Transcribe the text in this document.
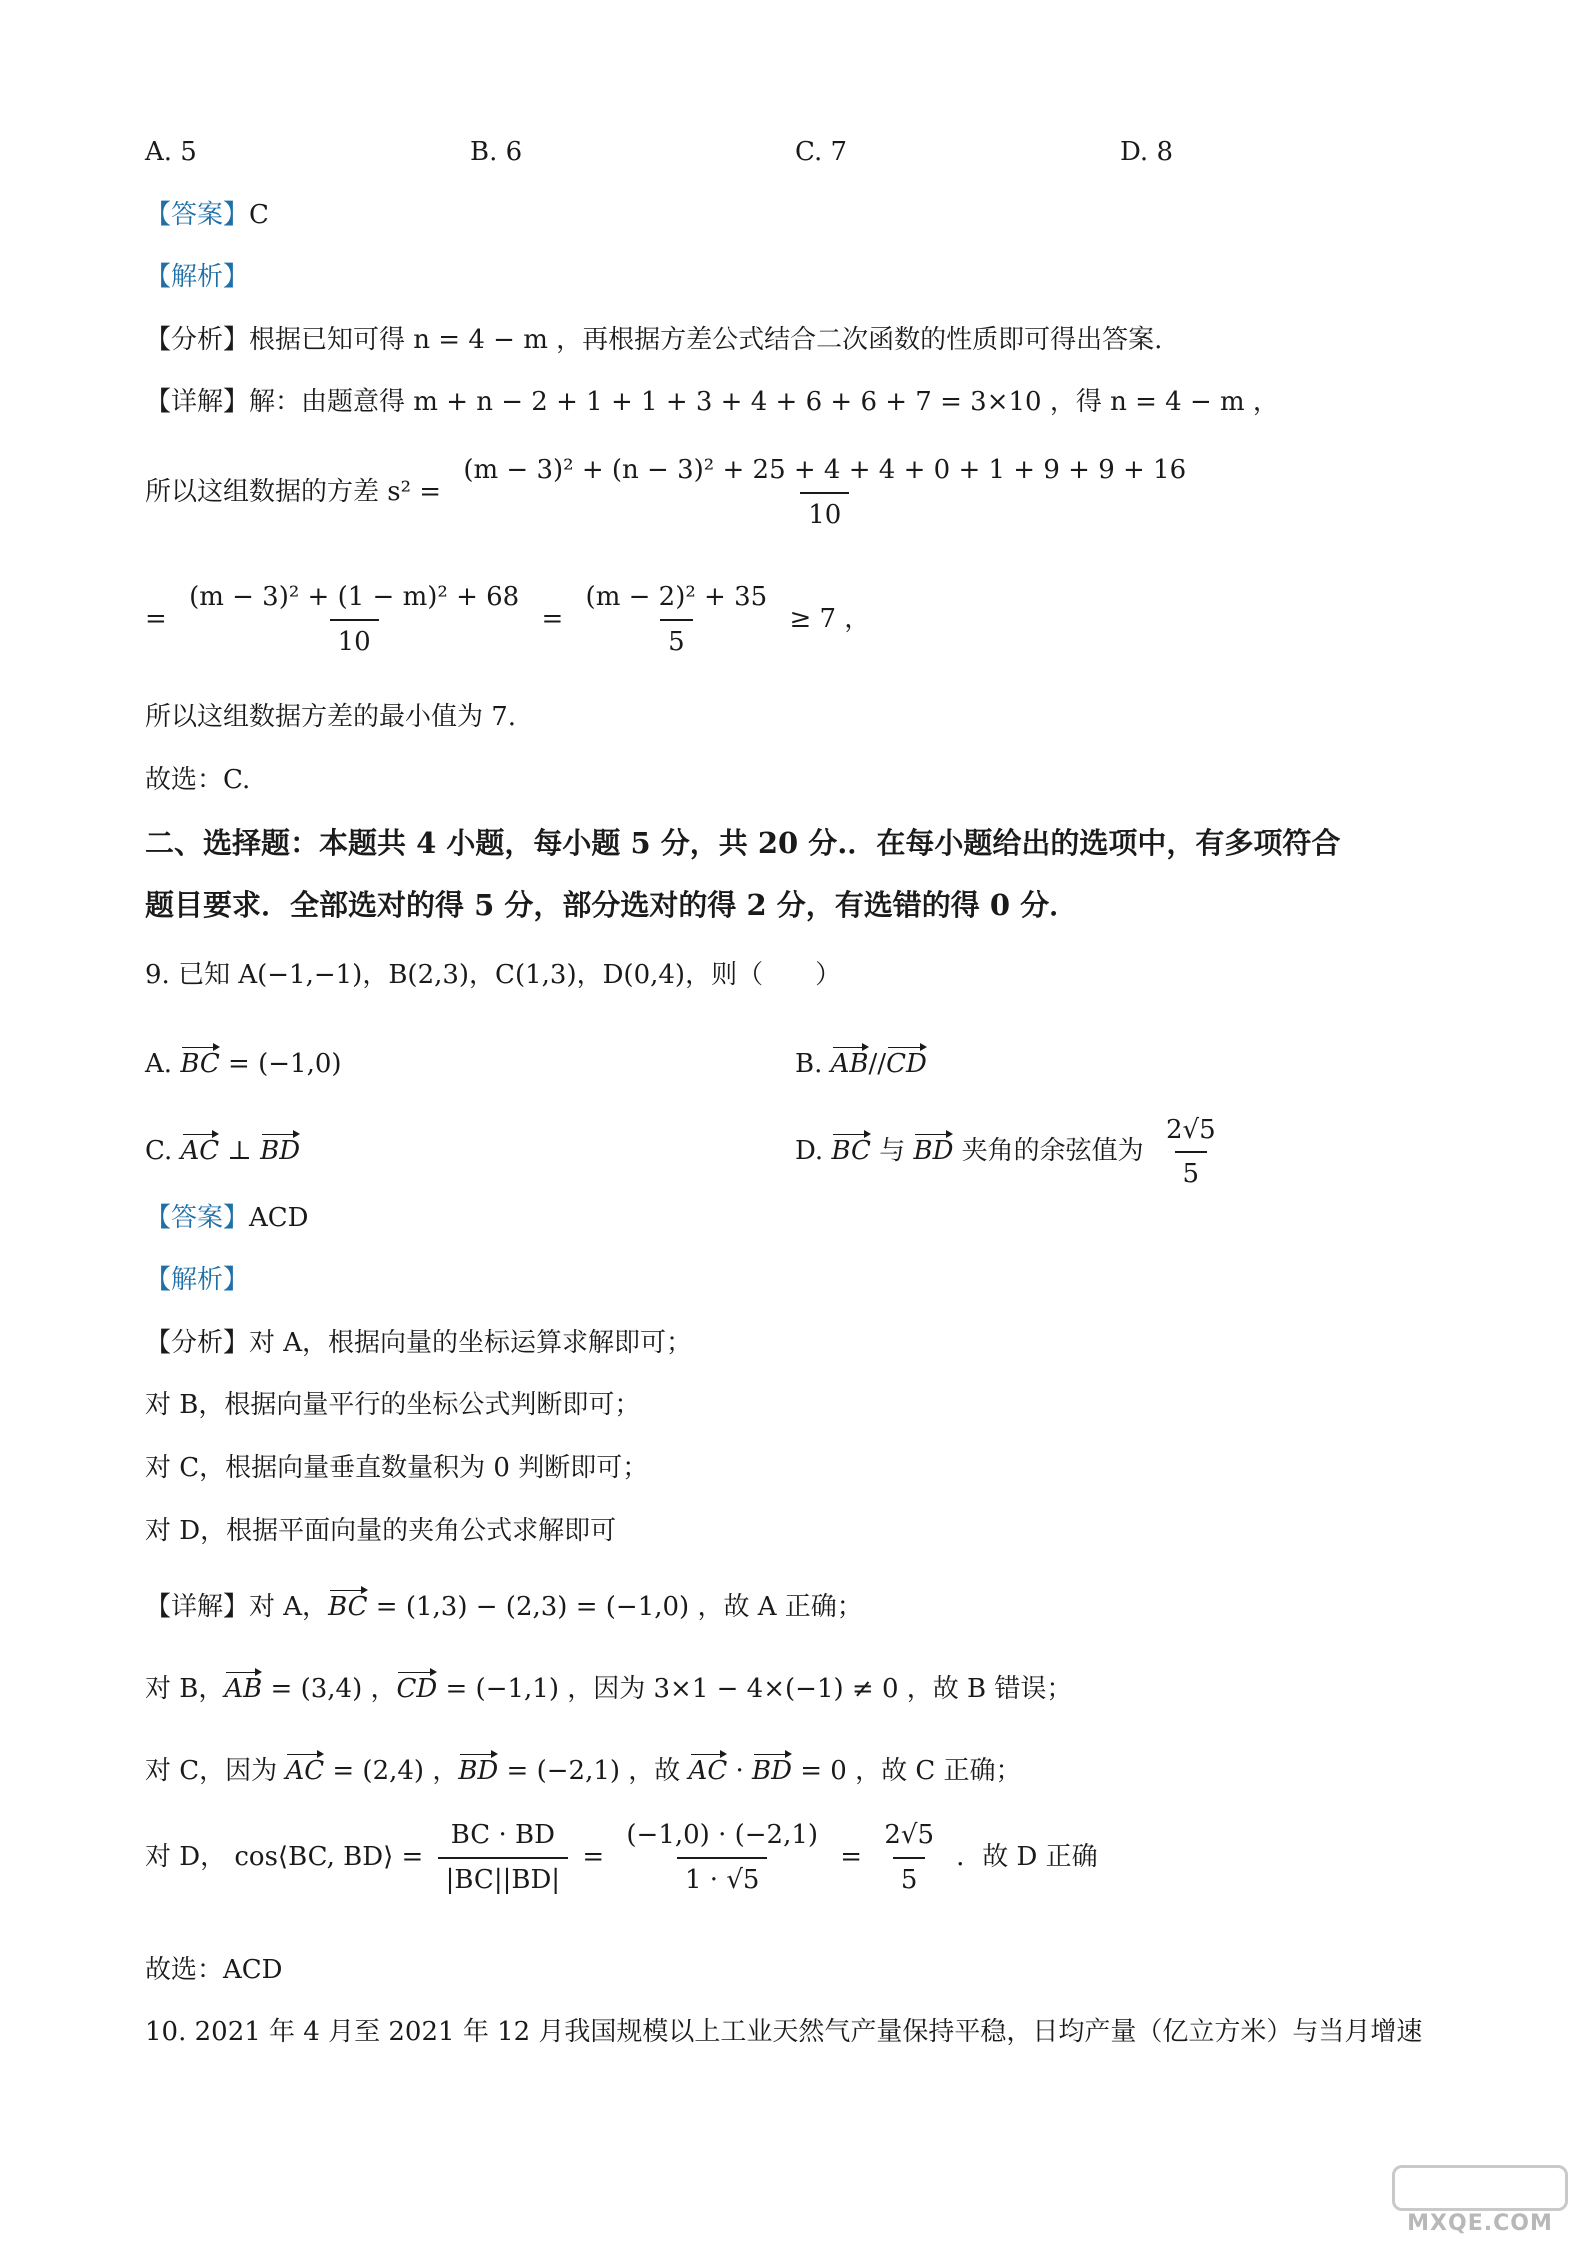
A. 5	B. 6	C. 7	D. 8
【答案】C
【解析】
【分析】根据已知可得 n = 4 − m ，再根据方差公式结合二次函数的性质即可得出答案.
【详解】解：由题意得 m + n − 2 + 1 + 1 + 3 + 4 + 6 + 6 + 7 = 3×10 ，得 n = 4 − m ，
所以这组数据的方差 $s^2 = \frac{\text{(m − 3)² + (n − 3)² + 25 + 4 + 4 + 0 + 1 + 9 + 9 + 16}}{10}$
= $\frac{\text{(m − 3)² + (1 − m)² + 68}}{10} = \frac{\text{(m − 2)² + 35}}{5} \ge 7$ ，
所以这组数据方差的最小值为 7.
故选：C.
二、选择题：本题共 4 小题，每小题 5 分，共 20 分.．在每小题给出的选项中，有多项符合
题目要求．全部选对的得 5 分，部分选对的得 2 分，有选错的得 0 分．
9. 已知 A(−1,−1)，B(2,3)，C(1,3)，D(0,4)，则（　　）
A. BC = (−1,0)	B. AB//CD
C. AC ⊥ BD	D. BC 与 BD 夹角的余弦值为 $\frac{2√5}{5}$
【答案】ACD
【解析】
【分析】对 A，根据向量的坐标运算求解即可；
对 B，根据向量平行的坐标公式判断即可；
对 C，根据向量垂直数量积为 0 判断即可；
对 D，根据平面向量的夹角公式求解即可
【详解】对 A，BC = (1,3) − (2,3) = (−1,0) ，故 A 正确；
对 B，AB = (3,4) ，CD = (−1,1) ，因为 3×1 − 4×(−1) ≠ 0 ，故 B 错误；
对 C，因为 AC = (2,4) ，BD = (−2,1) ，故 AC · BD = 0 ，故 C 正确；
对 D， cos⟨BC, BD⟩ = $\frac{BC \cdot BD}{|BC||BD|} = \frac{(-1,0) \cdot (-2,1)}{1 \cdot √5} = \frac{2√5}{5}$ ．故 D 正确
故选：ACD
10. 2021 年 4 月至 2021 年 12 月我国规模以上工业天然气产量保持平稳，日均产量（亿立方米）与当月增速
MXQE.COM
